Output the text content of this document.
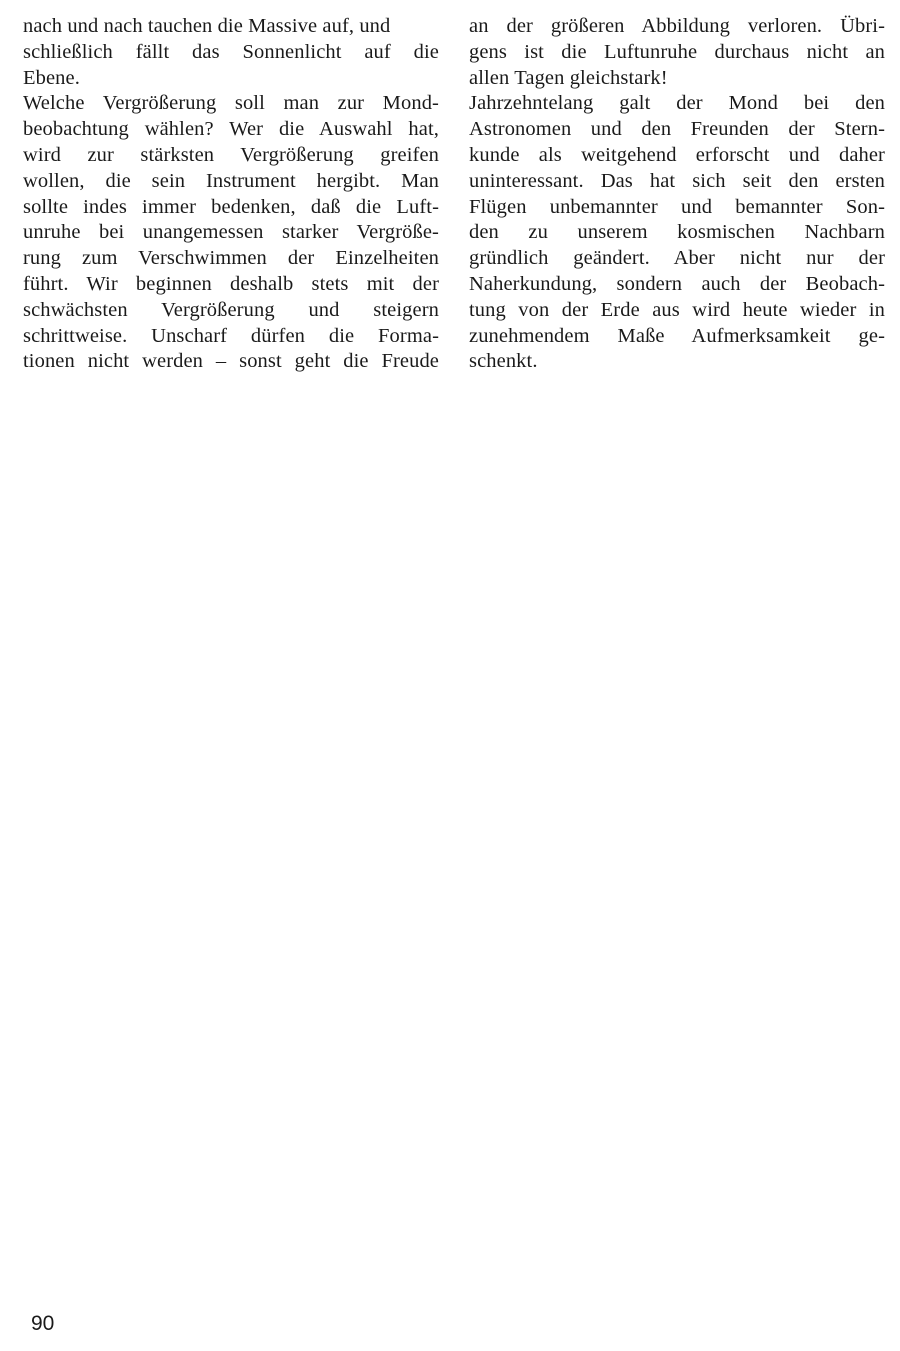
nach und nach tauchen die Massive auf, und
schließlich fällt das Sonnenlicht auf die
Ebene.
Welche Vergrößerung soll man zur Mond-
beobachtung wählen? Wer die Auswahl hat,
wird zur stärksten Vergrößerung greifen
wollen, die sein Instrument hergibt. Man
sollte indes immer bedenken, daß die Luft-
unruhe bei unangemessen starker Vergröße-
rung zum Verschwimmen der Einzelheiten
führt. Wir beginnen deshalb stets mit der
schwächsten Vergrößerung und steigern
schrittweise. Unscharf dürfen die Forma-
tionen nicht werden – sonst geht die Freude
an der größeren Abbildung verloren. Übri-
gens ist die Luftunruhe durchaus nicht an
allen Tagen gleichstark!
Jahrzehntelang galt der Mond bei den
Astronomen und den Freunden der Stern-
kunde als weitgehend erforscht und daher
uninteressant. Das hat sich seit den ersten
Flügen unbemannter und bemannter Son-
den zu unserem kosmischen Nachbarn
gründlich geändert. Aber nicht nur der
Naherkundung, sondern auch der Beobach-
tung von der Erde aus wird heute wieder in
zunehmendem Maße Aufmerksamkeit ge-
schenkt.
90
